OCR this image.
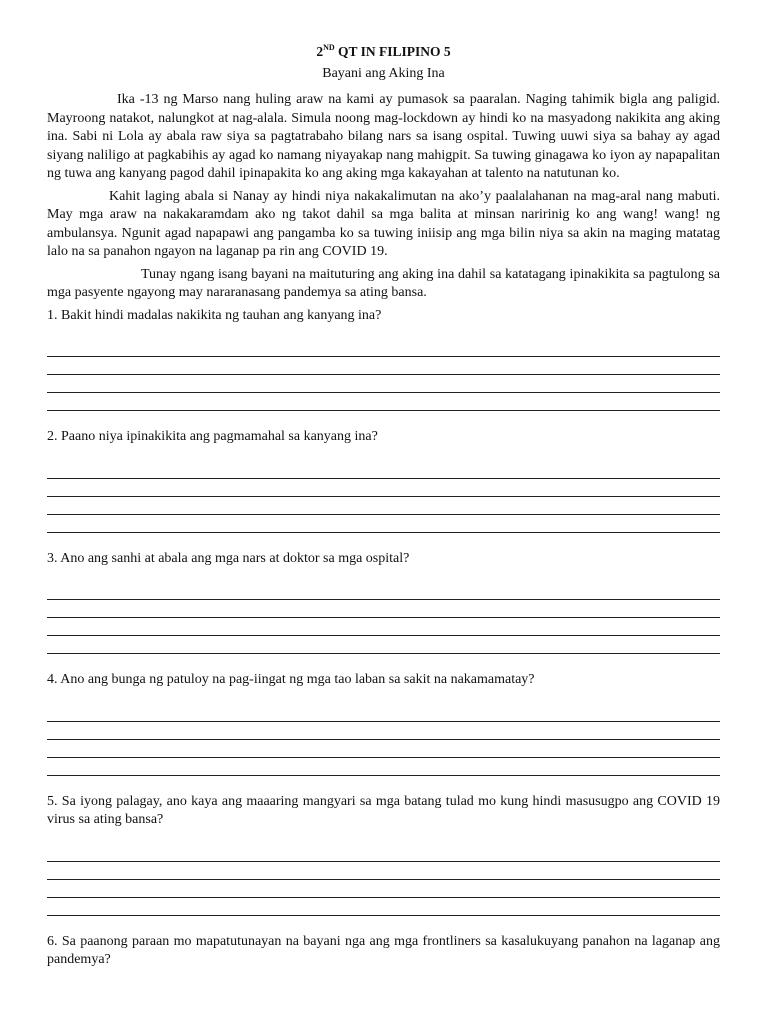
2ND QT IN FILIPINO 5
Bayani ang Aking Ina

Ika -13 ng Marso nang huling araw na kami ay pumasok sa paaralan. Naging tahimik bigla ang paligid. Mayroong natakot, nalungkot at nag-alala. Simula noong mag-lockdown ay hindi ko na masyadong nakikita ang aking ina. Sabi ni Lola ay abala raw siya sa pagtatrabaho bilang nars sa isang ospital. Tuwing uuwi siya sa bahay ay agad siyang naliligo at pagkabihis ay agad ko namang niyayakap nang mahigpit. Sa tuwing ginagawa ko iyon ay napapalitan ng tuwa ang kanyang pagod dahil ipinapakita ko ang aking mga kakayahan at talento na natutunan ko.

Kahit laging abala si Nanay ay hindi niya nakakalimutan na ako’y paalalahanan na mag-aral nang mabuti. May mga araw na nakakaramdam ako ng takot dahil sa mga balita at minsan naririnig ko ang wang! wang! ng ambulansya. Ngunit agad napapawi ang pangamba ko sa tuwing iniisip ang mga bilin niya sa akin na maging matatag lalo na sa panahon ngayon na laganap pa rin ang COVID 19.

Tunay ngang isang bayani na maituturing ang aking ina dahil sa katatagang ipinakikita sa pagtulong sa mga pasyente ngayong may nararanasang pandemya sa ating bansa.

1. Bakit hindi madalas nakikita ng tauhan ang kanyang ina?

2. Paano niya ipinakikita ang pagmamahal sa kanyang ina?

3. Ano ang sanhi at abala ang mga nars at doktor sa mga ospital?

4. Ano ang bunga ng patuloy na pag-iingat ng mga tao laban sa sakit na nakamamatay?

5. Sa iyong palagay, ano kaya ang maaaring mangyari sa mga batang tulad mo kung hindi masusugpo ang COVID 19 virus sa ating bansa?

6. Sa paanong paraan mo mapatutunayan na bayani nga ang mga frontliners sa kasalukuyang panahon na laganap ang pandemya?
